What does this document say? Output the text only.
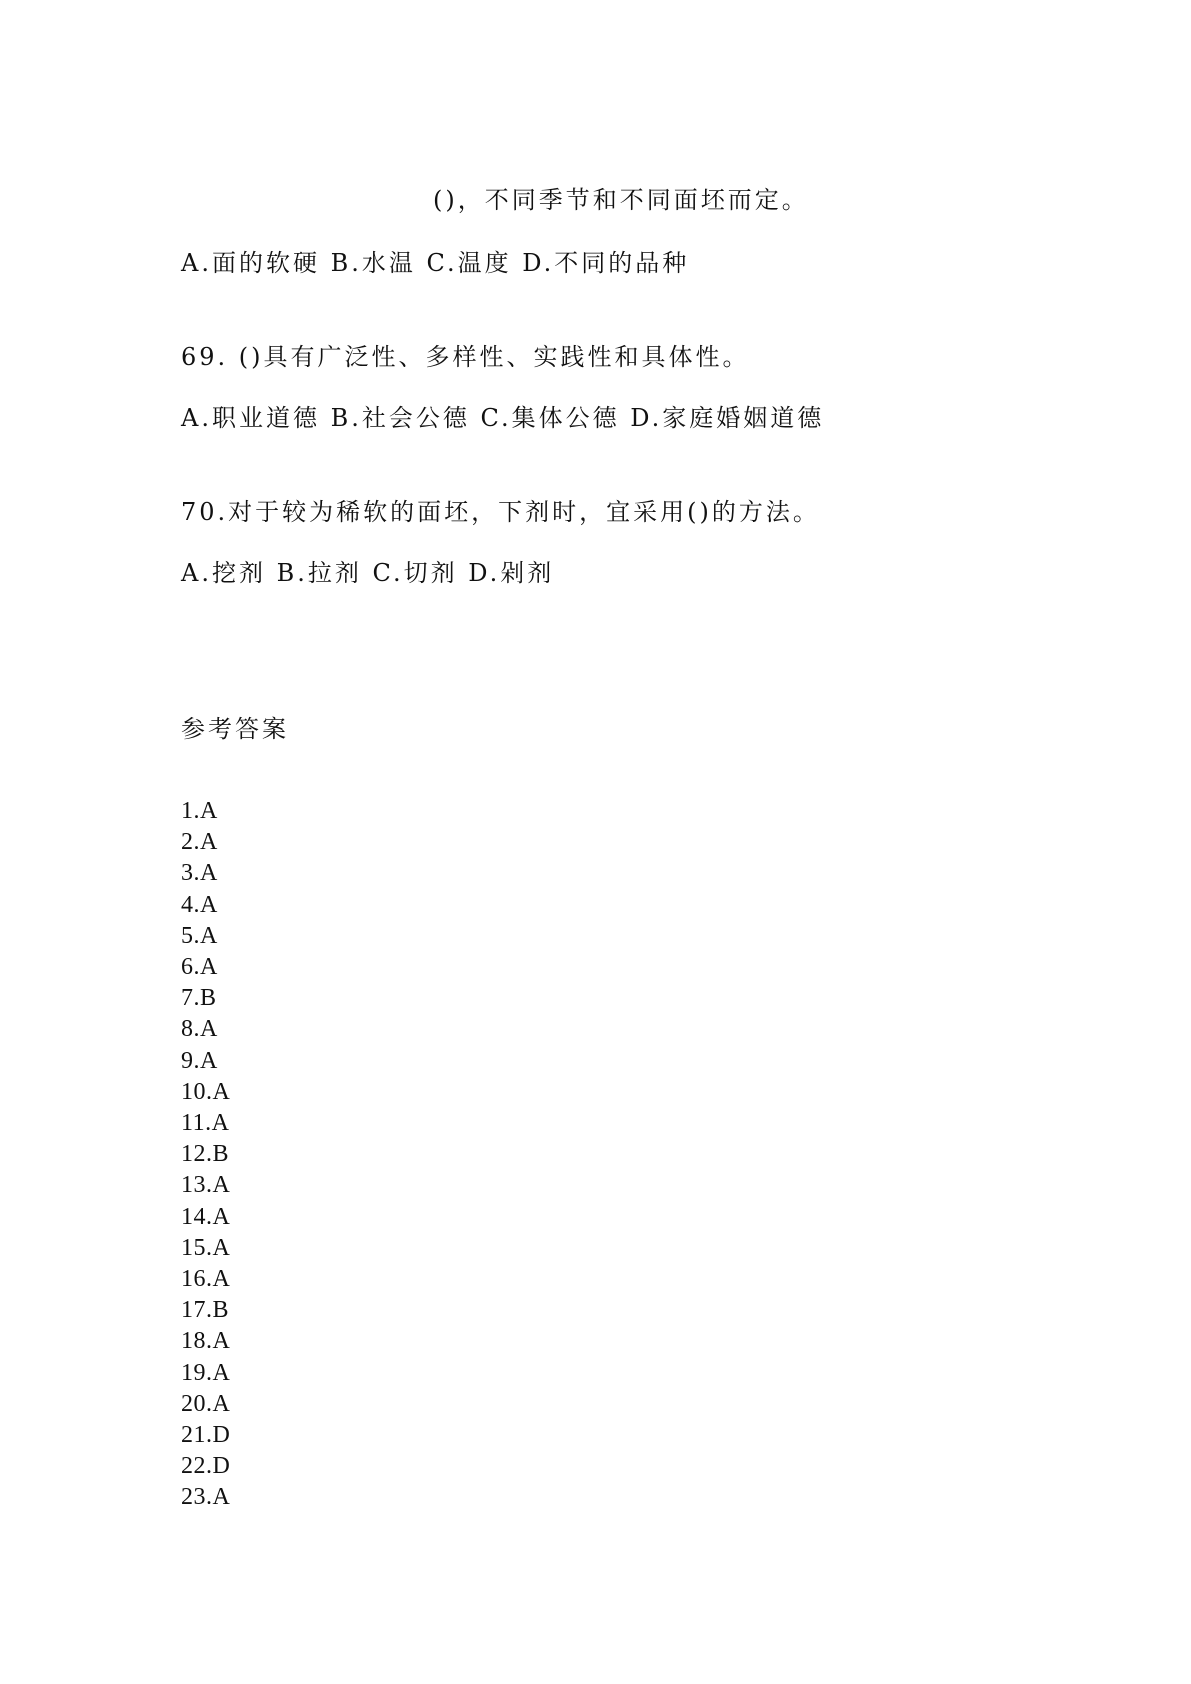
()，不同季节和不同面坯而定。
A.面的软硬 B.水温 C.温度 D.不同的品种
69. ()具有广泛性、多样性、实践性和具体性。
A.职业道德 B.社会公德 C.集体公德 D.家庭婚姻道德
70.对于较为稀软的面坯，下剂时，宜采用()的方法。
A.挖剂 B.拉剂 C.切剂 D.剁剂
参考答案
1.A
2.A
3.A
4.A
5.A
6.A
7.B
8.A
9.A
10.A
11.A
12.B
13.A
14.A
15.A
16.A
17.B
18.A
19.A
20.A
21.D
22.D
23.A
